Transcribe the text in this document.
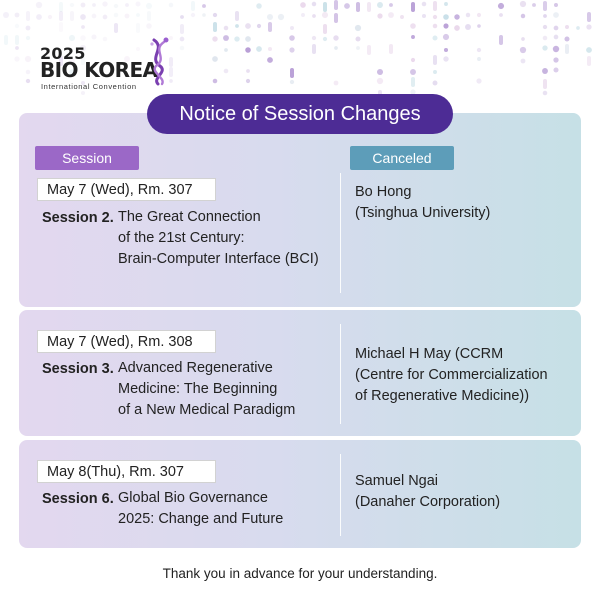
2025
BIO KOREA
International Convention
Session	Canceled
May 7 (Wed), Rm. 307
Session 2. The Great Connection
of the 21st Century:
Brain-Computer Interface (BCI)
Bo Hong
(Tsinghua University)
May 7 (Wed), Rm. 308
Session 3. Advanced Regenerative
Medicine: The Beginning
of a New Medical Paradigm
Michael H May (CCRM
(Centre for Commercialization
of Regenerative Medicine))
May 8(Thu), Rm. 307
Session 6. Global Bio Governance
2025: Change and Future
Samuel Ngai
(Danaher Corporation)
Notice of Session Changes
Thank you in advance for your understanding.
